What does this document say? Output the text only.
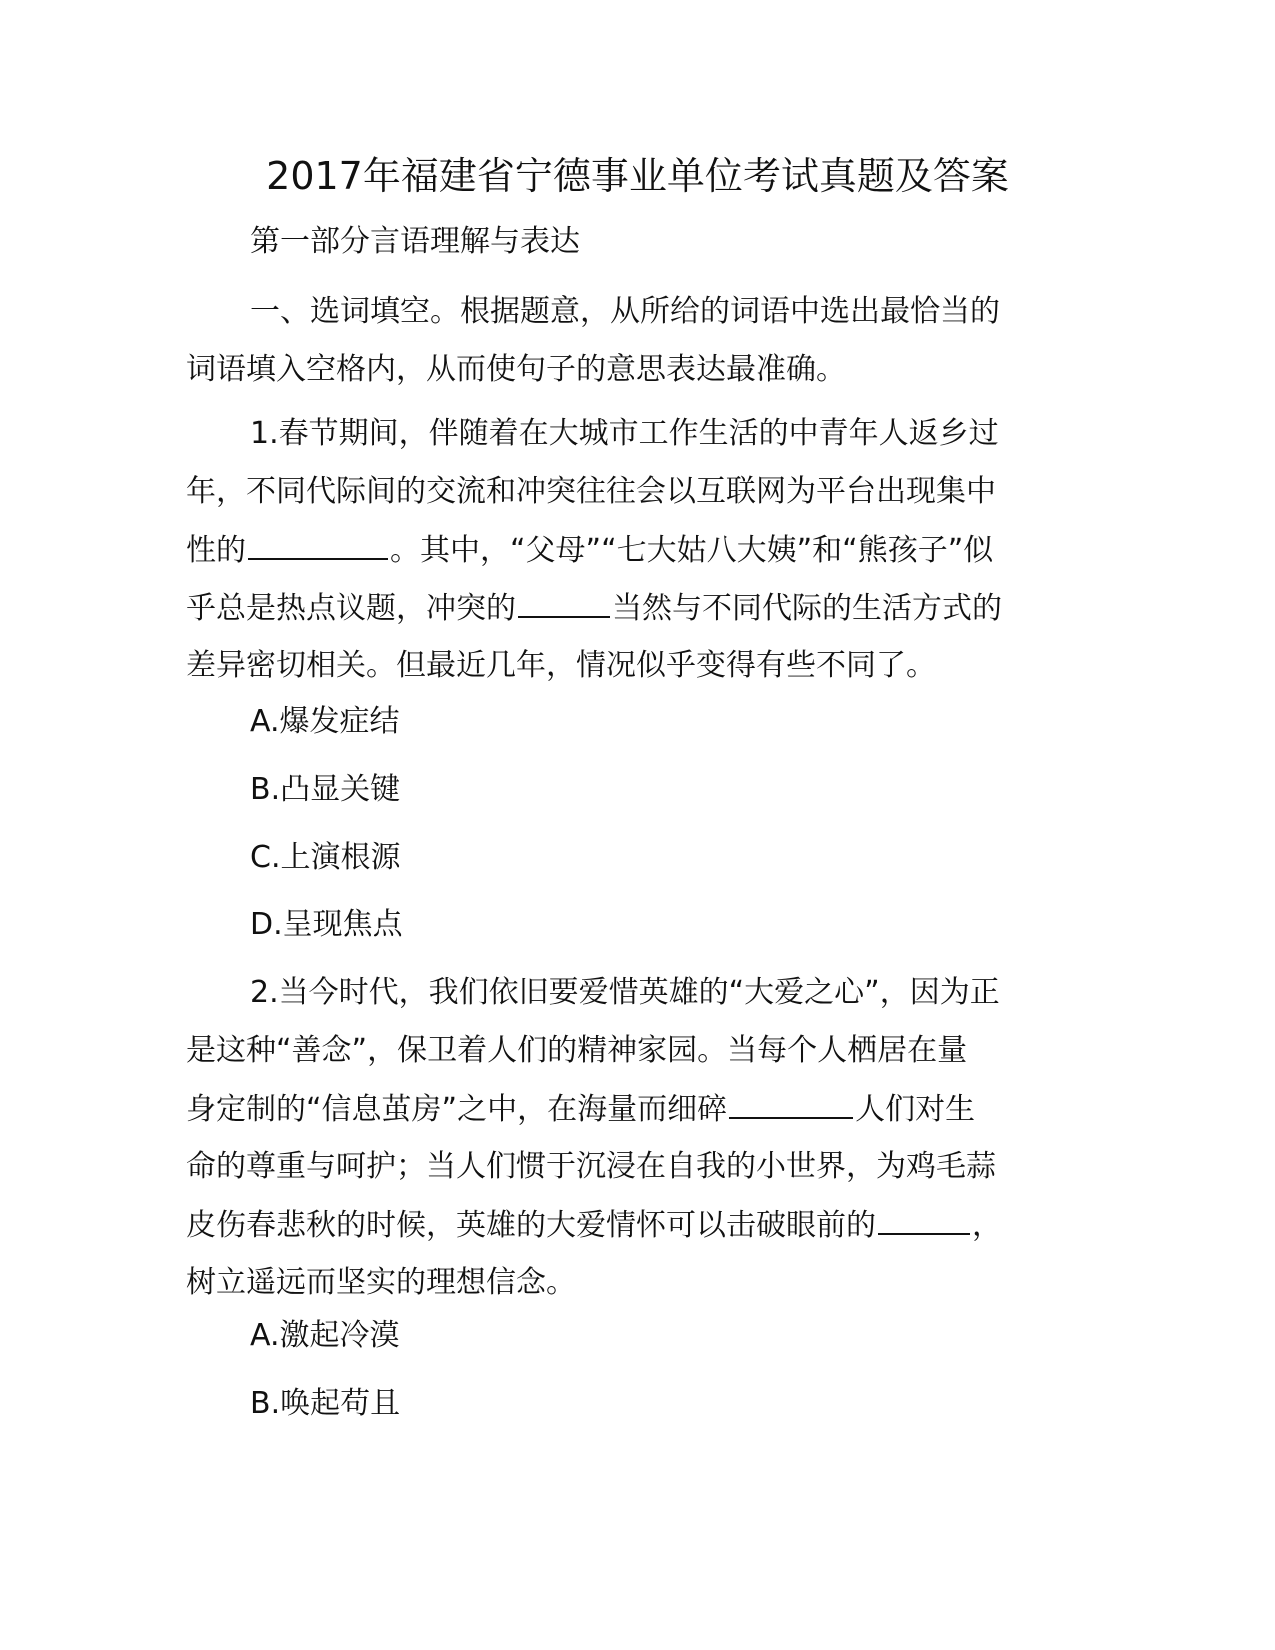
2017年福建省宁德事业单位考试真题及答案
第一部分言语理解与表达
一、选词填空。根据题意，从所给的词语中选出最恰当的
词语填入空格内，从而使句子的意思表达最准确。
1.春节期间，伴随着在大城市工作生活的中青年人返乡过
年，不同代际间的交流和冲突往往会以互联网为平台出现集中
性的	。其中，“父母”“七大姑八大姨”和“熊孩子”似
乎总是热点议题，冲突的	当然与不同代际的生活方式的
差异密切相关。但最近几年，情况似乎变得有些不同了。
A.爆发症结
B.凸显关键
C.上演根源
D.呈现焦点
2.当今时代，我们依旧要爱惜英雄的“大爱之心”，因为正
是这种“善念”，保卫着人们的精神家园。当每个人栖居在量
身定制的“信息茧房”之中，在海量而细碎	人们对生
命的尊重与呵护；当人们惯于沉浸在自我的小世界，为鸡毛蒜
皮伤春悲秋的时候，英雄的大爱情怀可以击破眼前的	，
树立遥远而坚实的理想信念。
A.激起冷漠
B.唤起苟且
